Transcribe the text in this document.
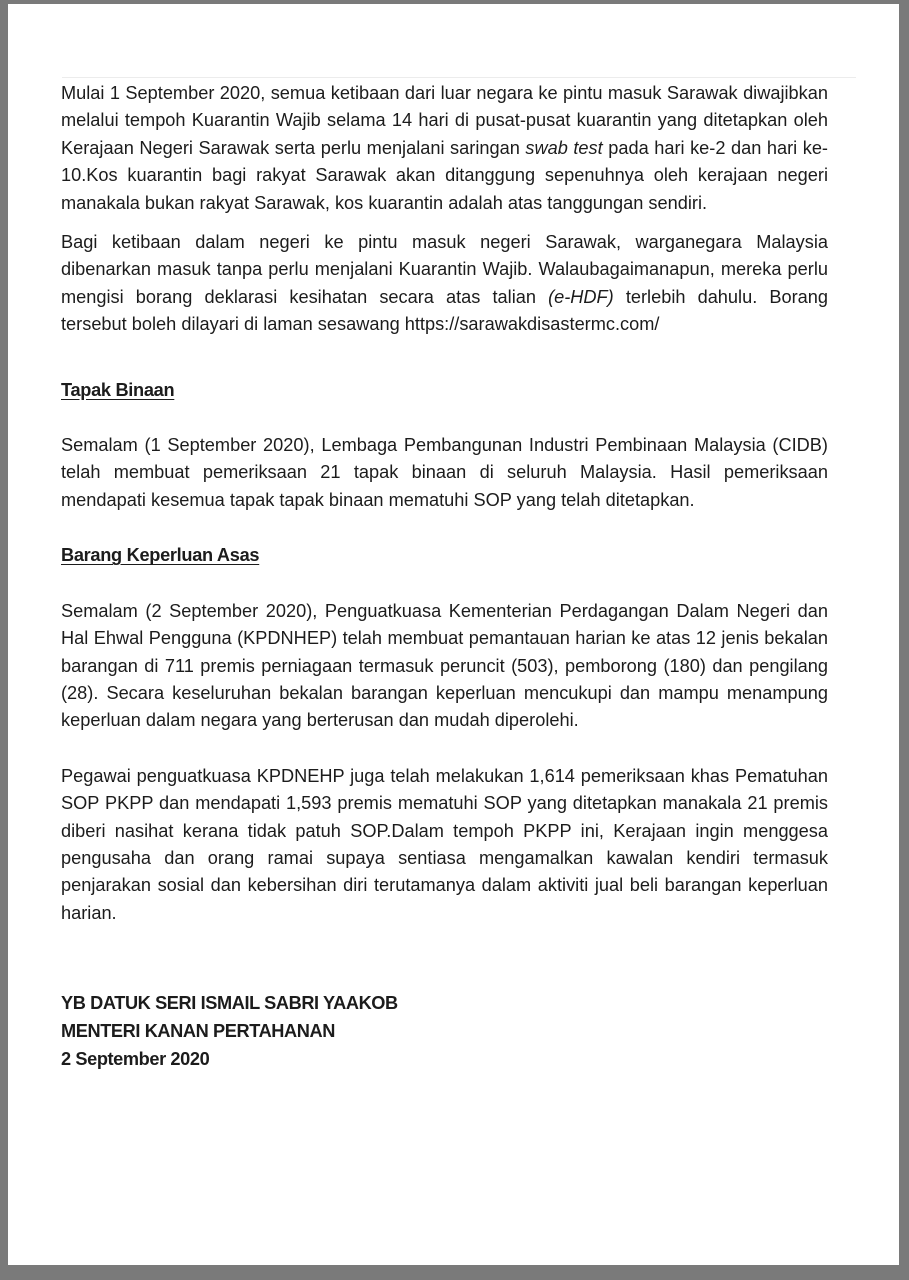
Mulai 1 September 2020, semua ketibaan dari luar negara ke pintu masuk Sarawak diwajibkan melalui tempoh Kuarantin Wajib selama 14 hari di pusat-pusat kuarantin yang ditetapkan oleh Kerajaan Negeri Sarawak serta perlu menjalani saringan swab test pada hari ke-2 dan hari ke-10.Kos kuarantin bagi rakyat Sarawak akan ditanggung sepenuhnya oleh kerajaan negeri manakala bukan rakyat Sarawak, kos kuarantin adalah atas tanggungan sendiri.

Bagi ketibaan dalam negeri ke pintu masuk negeri Sarawak, warganegara Malaysia dibenarkan masuk tanpa perlu menjalani Kuarantin Wajib. Walaubagaimanapun, mereka perlu mengisi borang deklarasi kesihatan secara atas talian (e-HDF) terlebih dahulu. Borang tersebut boleh dilayari di laman sesawang https://sarawakdisastermc.com/

Tapak Binaan

Semalam (1 September 2020), Lembaga Pembangunan Industri Pembinaan Malaysia (CIDB) telah membuat pemeriksaan 21 tapak binaan di seluruh Malaysia. Hasil pemeriksaan mendapati kesemua tapak tapak binaan mematuhi SOP yang telah ditetapkan.

Barang Keperluan Asas

Semalam (2 September 2020), Penguatkuasa Kementerian Perdagangan Dalam Negeri dan Hal Ehwal Pengguna (KPDNHEP) telah membuat pemantauan harian ke atas 12 jenis bekalan barangan di 711 premis perniagaan termasuk peruncit (503), pemborong (180) dan pengilang (28). Secara keseluruhan bekalan barangan keperluan mencukupi dan mampu menampung keperluan dalam negara yang berterusan dan mudah diperolehi.

Pegawai penguatkuasa KPDNEHP juga telah melakukan 1,614 pemeriksaan khas Pematuhan SOP PKPP dan mendapati 1,593 premis mematuhi SOP yang ditetapkan manakala 21 premis diberi nasihat kerana tidak patuh SOP.Dalam tempoh PKPP ini, Kerajaan ingin menggesa pengusaha dan orang ramai supaya sentiasa mengamalkan kawalan kendiri termasuk penjarakan sosial dan kebersihan diri terutamanya dalam aktiviti jual beli barangan keperluan harian.

YB DATUK SERI ISMAIL SABRI YAAKOB

MENTERI KANAN PERTAHANAN

2 September 2020
